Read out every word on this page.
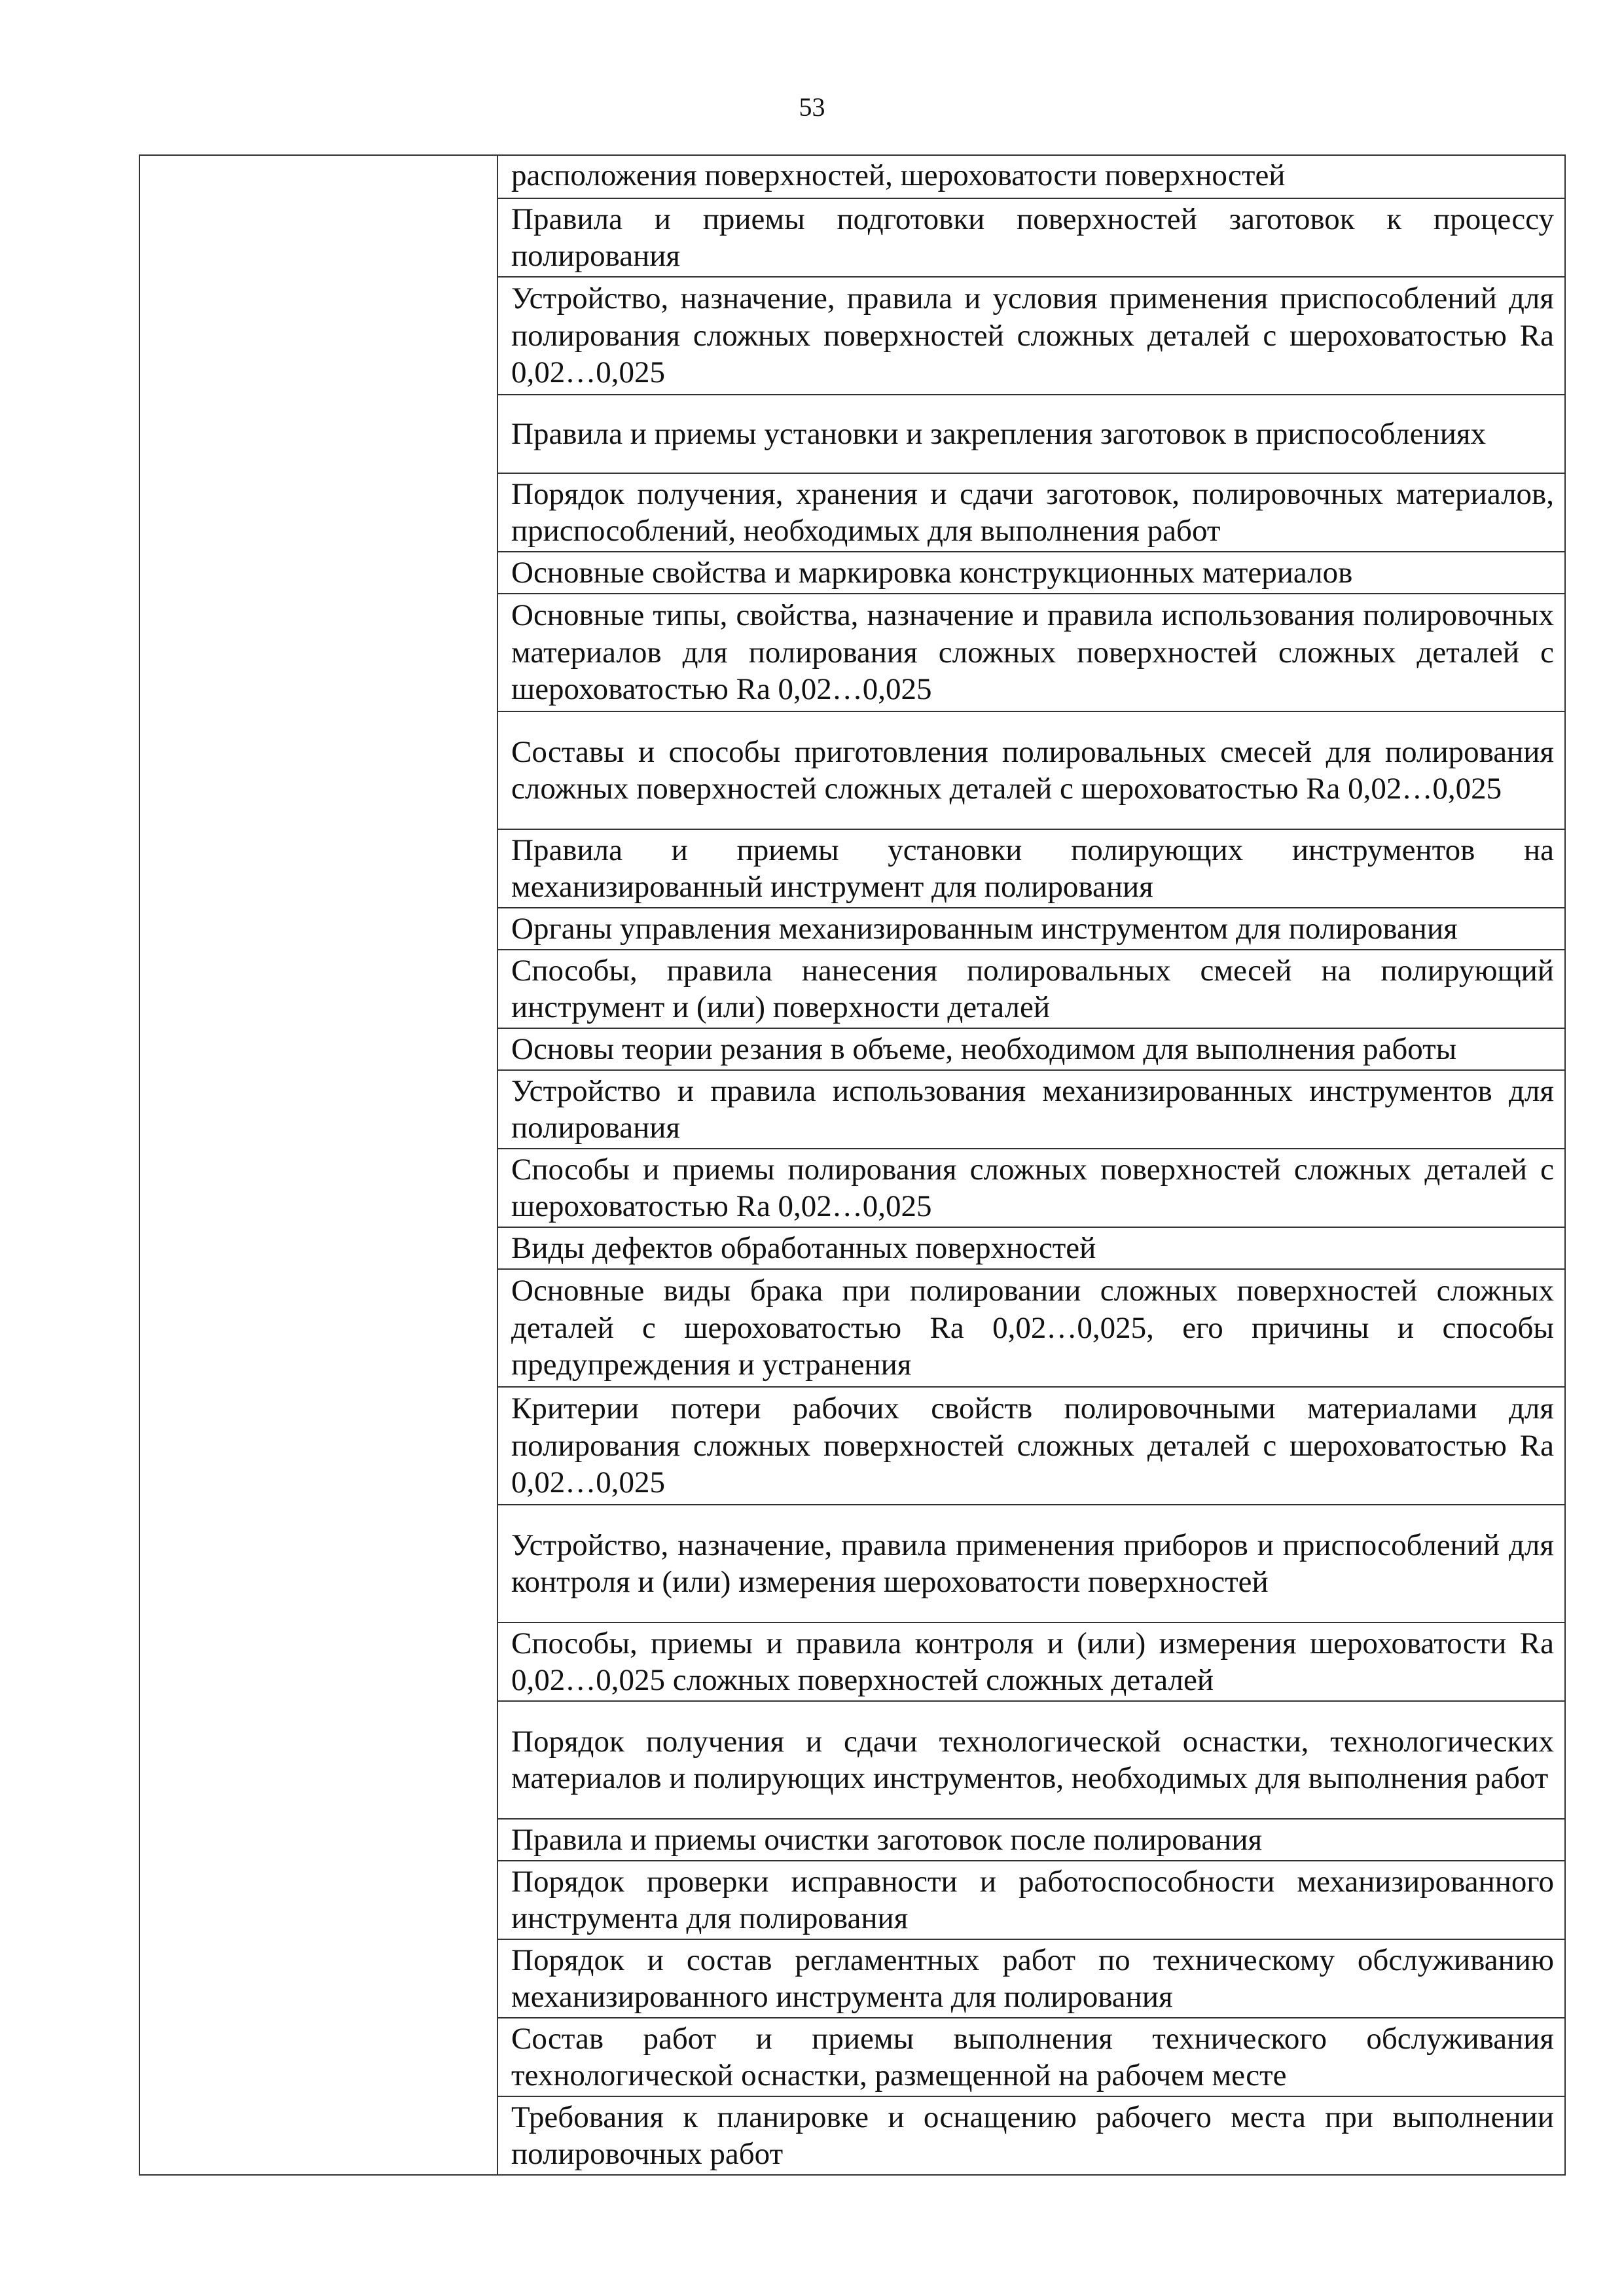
53
	расположения поверхностей, шероховатости поверхностей
Правила и приемы подготовки поверхностей заготовок к процессу полирования
Устройство, назначение, правила и условия применения приспособлений для полирования сложных поверхностей сложных деталей с шероховатостью Ra 0,02…0,025
Правила и приемы установки и закрепления заготовок в приспособлениях
Порядок получения, хранения и сдачи заготовок, полировочных материалов, приспособлений, необходимых для выполнения работ
Основные свойства и маркировка конструкционных материалов
Основные типы, свойства, назначение и правила использования полировочных материалов для полирования сложных поверхностей сложных деталей с шероховатостью Ra 0,02…0,025
Составы и способы приготовления полировальных смесей для полирования сложных поверхностей сложных деталей с шероховатостью Ra 0,02…0,025
Правила и приемы установки полирующих инструментов на механизированный инструмент для полирования
Органы управления механизированным инструментом для полирования
Способы, правила нанесения полировальных смесей на полирующий инструмент и (или) поверхности деталей
Основы теории резания в объеме, необходимом для выполнения работы
Устройство и правила использования механизированных инструментов для полирования
Способы и приемы полирования сложных поверхностей сложных деталей с шероховатостью Ra 0,02…0,025
Виды дефектов обработанных поверхностей
Основные виды брака при полировании сложных поверхностей сложных деталей с шероховатостью Ra 0,02…0,025, его причины и способы предупреждения и устранения
Критерии потери рабочих свойств полировочными материалами для полирования сложных поверхностей сложных деталей с шероховатостью Ra 0,02…0,025
Устройство, назначение, правила применения приборов и приспособлений для контроля и (или) измерения шероховатости поверхностей
Способы, приемы и правила контроля и (или) измерения шероховатости Ra 0,02…0,025 сложных поверхностей сложных деталей
Порядок получения и сдачи технологической оснастки, технологических материалов и полирующих инструментов, необходимых для выполнения работ
Правила и приемы очистки заготовок после полирования
Порядок проверки исправности и работоспособности механизированного инструмента для полирования
Порядок и состав регламентных работ по техническому обслуживанию механизированного инструмента для полирования
Состав работ и приемы выполнения технического обслуживания технологической оснастки, размещенной на рабочем месте
Требования к планировке и оснащению рабочего места при выполнении полировочных работ
